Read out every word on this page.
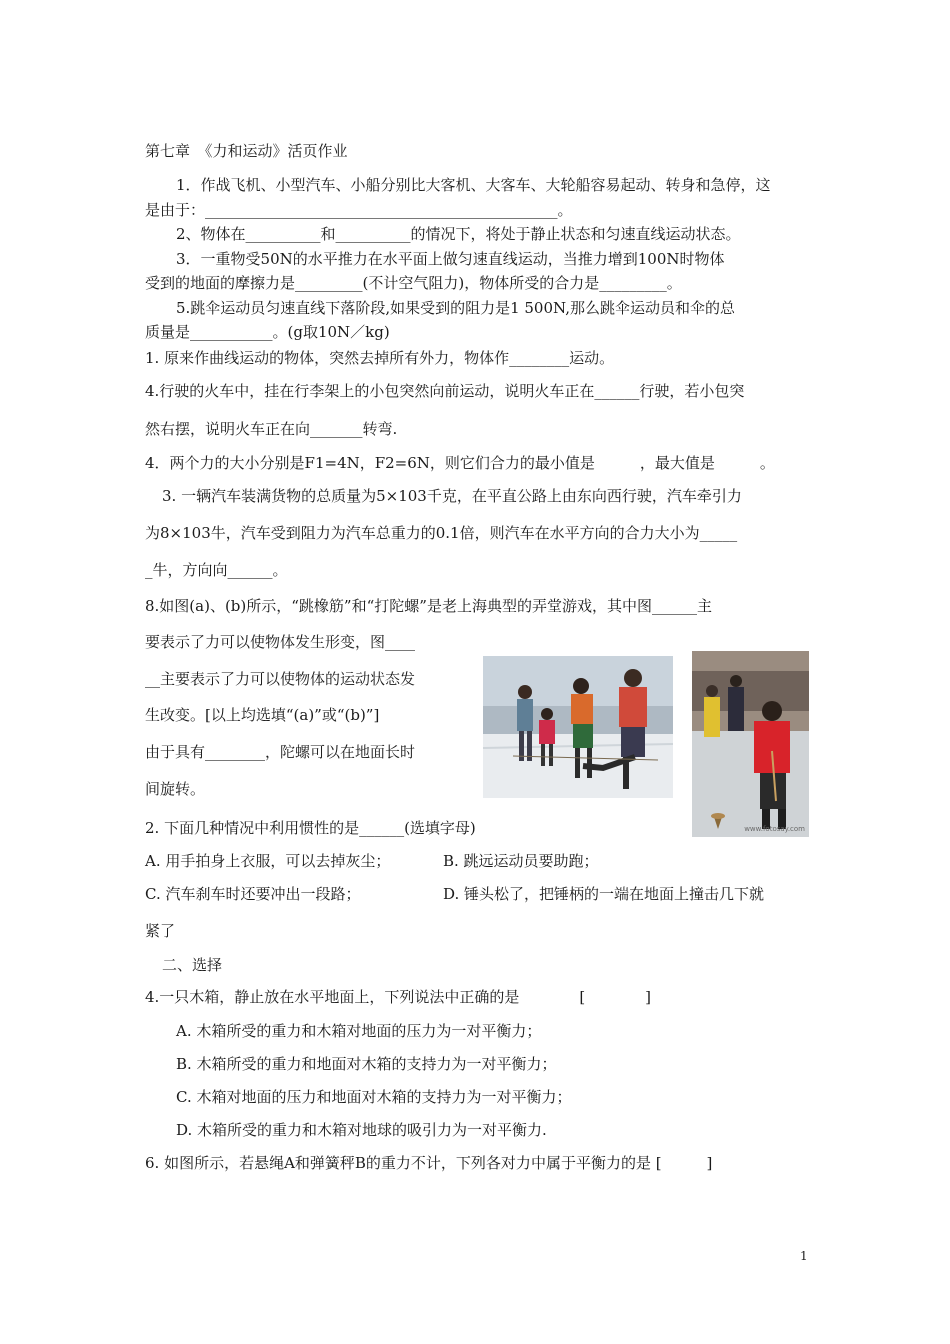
第七章　《力和运动》活页作业
1．作战飞机、小型汽车、小船分别比大客机、大客车、大轮船容易起动、转身和急停，这
是由于：_______________________________________________。
2、物体在__________和__________的情况下，将处于静止状态和匀速直线运动状态。
3．一重物受50N的水平推力在水平面上做匀速直线运动，当推力增到100N时物体
受到的地面的摩擦力是_________(不计空气阻力)，物体所受的合力是_________。
5.跳伞运动员匀速直线下落阶段,如果受到的阻力是1 500N,那么跳伞运动员和伞的总
质量是___________。(g取10N／kg)
1. 原来作曲线运动的物体，突然去掉所有外力，物体作________运动。
4.行驶的火车中，挂在行李架上的小包突然向前运动，说明火车正在______行驶，若小包突
然右摆，说明火车正在向_______转弯.
4．两个力的大小分别是F1=4N，F2=6N，则它们合力的最小值是　　　，最大值是　　　。
3. 一辆汽车装满货物的总质量为5×103千克，在平直公路上由东向西行驶，汽车牵引力
为8×103牛，汽车受到阻力为汽车总重力的0.1倍，则汽车在水平方向的合力大小为_____
_牛，方向向______。
8.如图(a)、(b)所示，“跳橡筋”和“打陀螺”是老上海典型的弄堂游戏，其中图______主
要表示了力可以使物体发生形变，图____
__主要表示了力可以使物体的运动状态发
生改变。[以上均选填“(a)”或“(b)”]
由于具有________，陀螺可以在地面长时
间旋转。
www.fotosay.com
2. 下面几种情况中利用惯性的是______(选填字母)
A. 用手拍身上衣服，可以去掉灰尘；	B. 跳远运动员要助跑；
C. 汽车刹车时还要冲出一段路；	D. 锤头松了，把锤柄的一端在地面上撞击几下就
紧了
二、选择
4.一只木箱，静止放在水平地面上，下列说法中正确的是　　　　[　　　　]
A. 木箱所受的重力和木箱对地面的压力为一对平衡力；
B. 木箱所受的重力和地面对木箱的支持力为一对平衡力；
C. 木箱对地面的压力和地面对木箱的支持力为一对平衡力；
D. 木箱所受的重力和木箱对地球的吸引力为一对平衡力.
6. 如图所示，若悬绳A和弹簧秤B的重力不计，下列各对力中属于平衡力的是 [　　　]
1
